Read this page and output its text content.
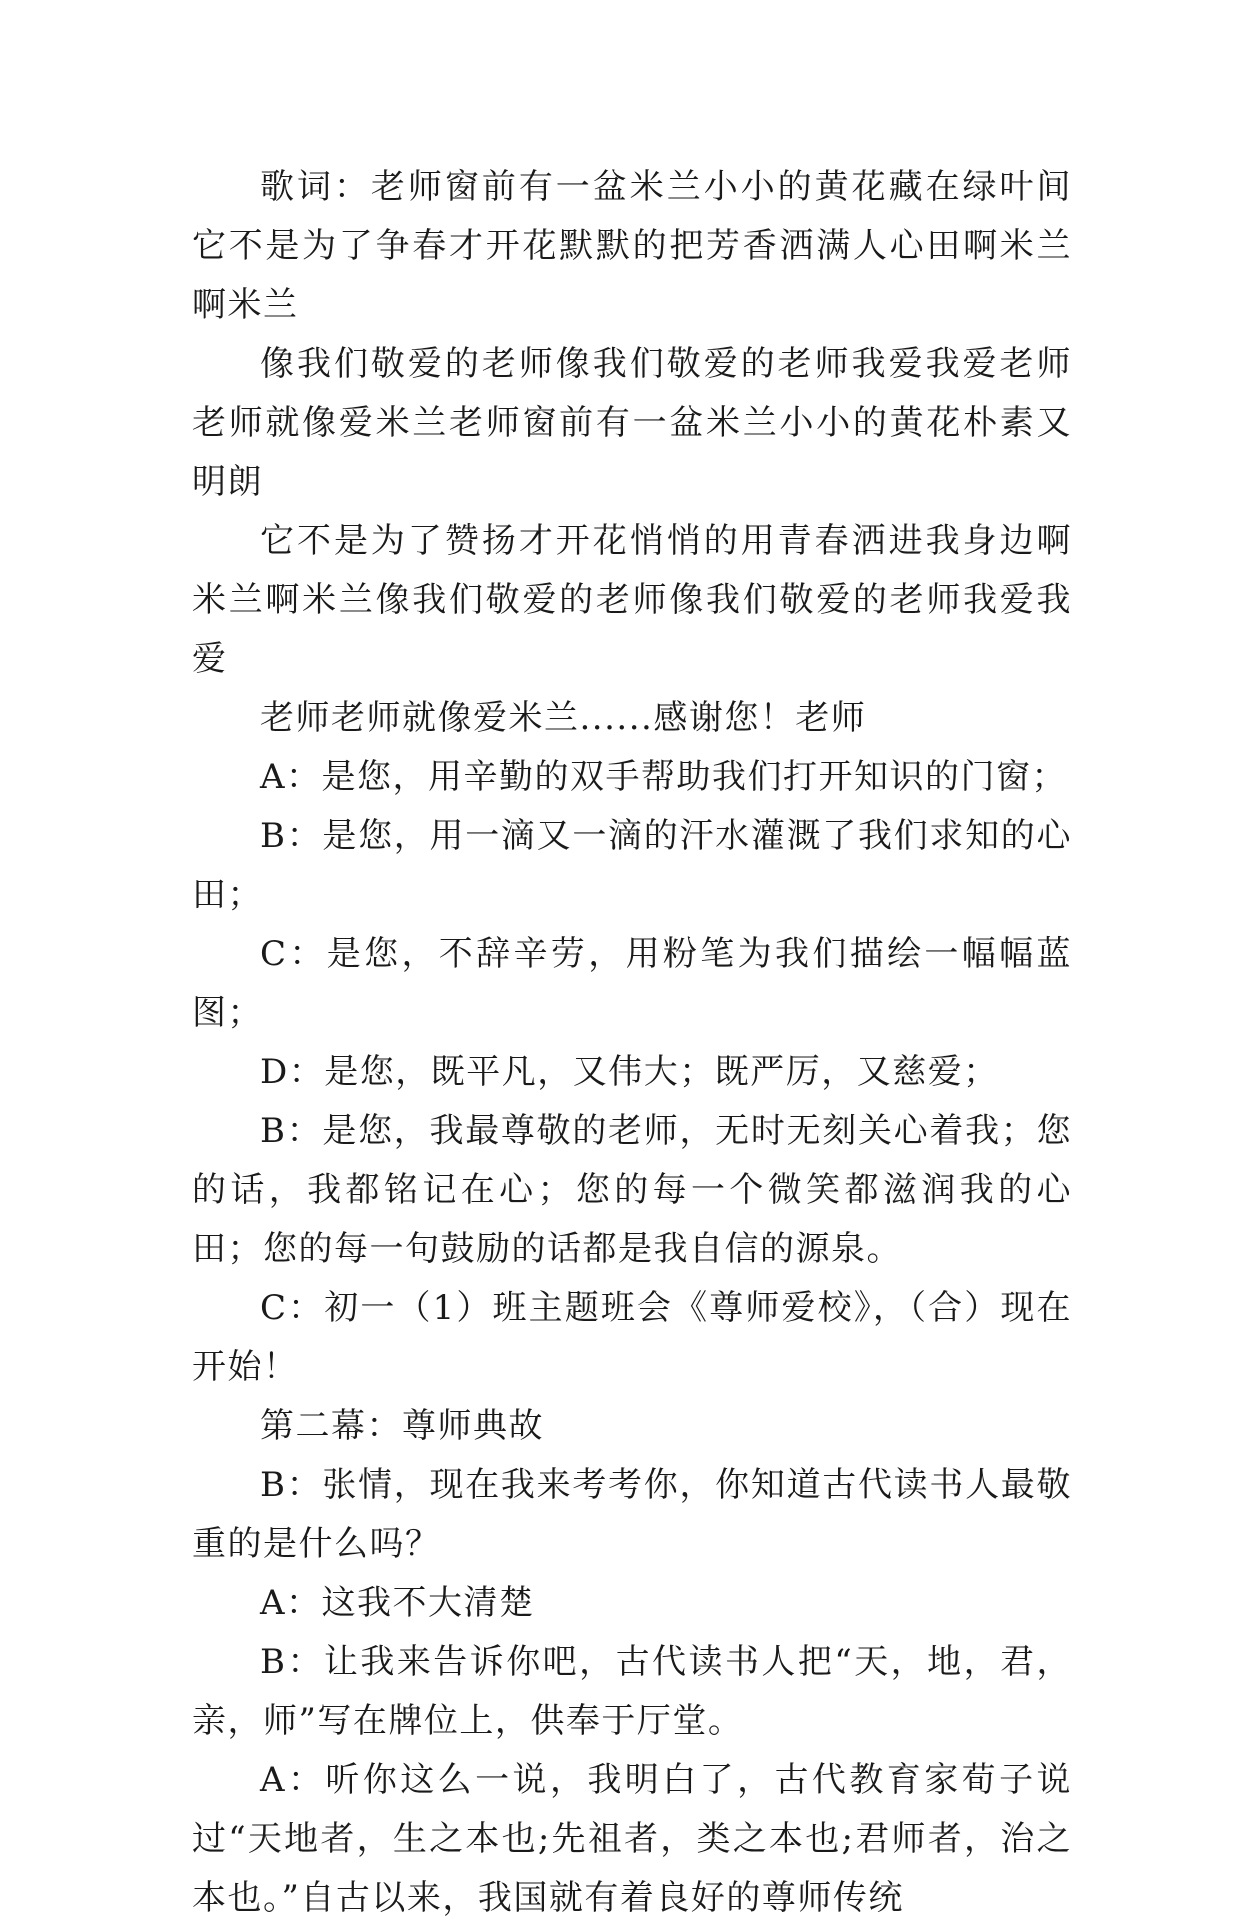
歌词：老师窗前有一盆米兰小小的黄花藏在绿叶间它不是为了争春才开花默默的把芳香洒满人心田啊米兰啊米兰

像我们敬爱的老师像我们敬爱的老师我爱我爱老师老师就像爱米兰老师窗前有一盆米兰小小的黄花朴素又明朗

它不是为了赞扬才开花悄悄的用青春洒进我身边啊米兰啊米兰像我们敬爱的老师像我们敬爱的老师我爱我爱

老师老师就像爱米兰......感谢您！老师

A：是您，用辛勤的双手帮助我们打开知识的门窗；

B：是您，用一滴又一滴的汗水灌溉了我们求知的心田；

C：是您，不辞辛劳，用粉笔为我们描绘一幅幅蓝图；

D：是您，既平凡，又伟大；既严厉，又慈爱；

B：是您，我最尊敬的老师，无时无刻关心着我；您的话，我都铭记在心；您的每一个微笑都滋润我的心田；您的每一句鼓励的话都是我自信的源泉。

C：初一（1）班主题班会《尊师爱校》，（合）现在开始！

第二幕：尊师典故

B：张情，现在我来考考你，你知道古代读书人最敬重的是什么吗？

A：这我不大清楚

B：让我来告诉你吧，古代读书人把“天，地，君，亲，师”写在牌位上，供奉于厅堂。

A：听你这么一说，我明白了，古代教育家荀子说过“天地者，生之本也;先祖者，类之本也;君师者，治之本也。”自古以来，我国就有着良好的尊师传统
